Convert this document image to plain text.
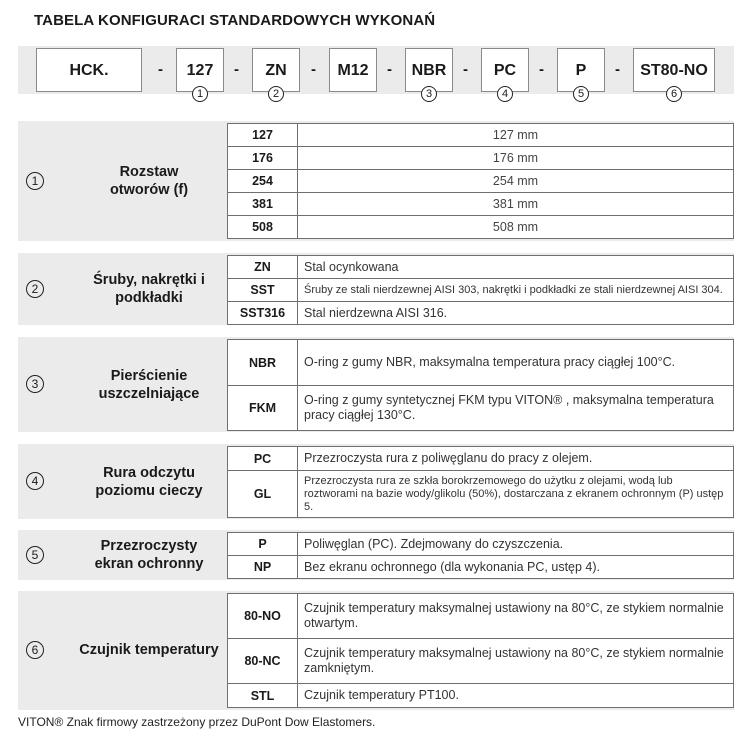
TABELA KONFIGURACI STANDARDOWYCH WYKONAŃ
HCK.	-	127	-	ZN	-	M12	-	NBR	-	PC	-	P	-	ST80-NO
1	2	3	4	5	6
1
Rozstaw
otworów (f)
127	127 mm
176	176 mm
254	254 mm
381	381 mm
508	508 mm
2
Śruby, nakrętki i
podkładki
ZN	Stal ocynkowana
SST	Śruby ze stali nierdzewnej AISI 303, nakrętki i podkładki ze stali nierdzewnej AISI 304.
SST316	Stal nierdzewna AISI 316.
3	Pierścienie
uszczelniające
NBR	O-ring z gumy NBR, maksymalna temperatura pracy ciągłej 100°C.
FKM	O-ring z gumy syntetycznej FKM typu VITON® , maksymalna temperatura pracy ciągłej 130°C.
4	Rura odczytu
poziomu cieczy
PC	Przezroczysta rura z poliwęglanu do pracy z olejem.
GL	Przezroczysta rura ze szkła borokrzemowego do użytku z olejami, wodą lub roztworami na bazie wody/glikolu (50%), dostarczana z ekranem ochronnym (P) ustęp 5.
5
Przezroczysty
ekran ochronny
P	Poliwęglan (PC). Zdejmowany do czyszczenia.
NP	Bez ekranu ochronnego (dla wykonania PC, ustęp 4).
6	Czujnik temperatury
80-NO	Czujnik temperatury maksymalnej ustawiony na 80°C, ze stykiem normalnie otwartym.
80-NC	Czujnik temperatury maksymalnej ustawiony na 80°C, ze stykiem normalnie zamkniętym.
STL	Czujnik temperatury PT100.
VITON® Znak firmowy zastrzeżony przez DuPont Dow Elastomers.
